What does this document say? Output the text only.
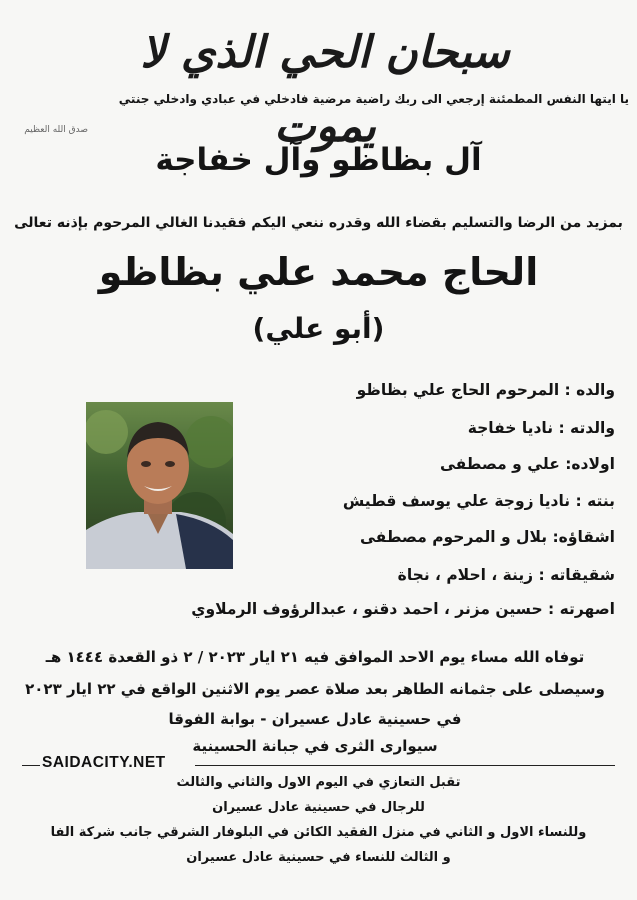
سبحان الحي الذي لا يموت
يا ايتها النفس المطمئنة إرجعي الى ربك راضية مرضية فادخلي في عبادي وادخلي جنتي
صدق الله العظيم
آل بظاظو وآل خفاجة
بمزيد من الرضا والتسليم بقضاء الله وقدره ننعي اليكم فقيدنا الغالي المرحوم بإذنه تعالى
الحاج محمد علي بظاظو
(أبو علي)
والده : المرحوم الحاج علي بظاظو
والدته : ناديا خفاجة
اولاده: علي و مصطفى
بنته : ناديا زوجة علي يوسف قطيش
اشقاؤه: بلال و المرحوم مصطفى
شقيقاته : زينة ، احلام ، نجاة
اصهرته : حسين مزنر ، احمد دقنو ، عبدالرؤوف الرملاوي
توفاه الله مساء يوم الاحد الموافق فيه ٢١ ايار ٢٠٢٣ / ٢ ذو القعدة ١٤٤٤ هـ
وسيصلى على جثمانه الطاهر بعد صلاة عصر يوم الاثنين الواقع في ٢٢ ايار ٢٠٢٣
في حسينية عادل عسيران - بوابة الفوقا
سيوارى الثرى في جبانة الحسينية
SAIDACITY.NET
تقبل التعازي في اليوم الاول والثاني والثالث
للرجال في حسينية عادل عسيران
وللنساء الاول و الثاني في منزل الفقيد الكائن في البلوفار الشرقي جانب شركة الفا
و الثالث للنساء في حسينية عادل عسيران
